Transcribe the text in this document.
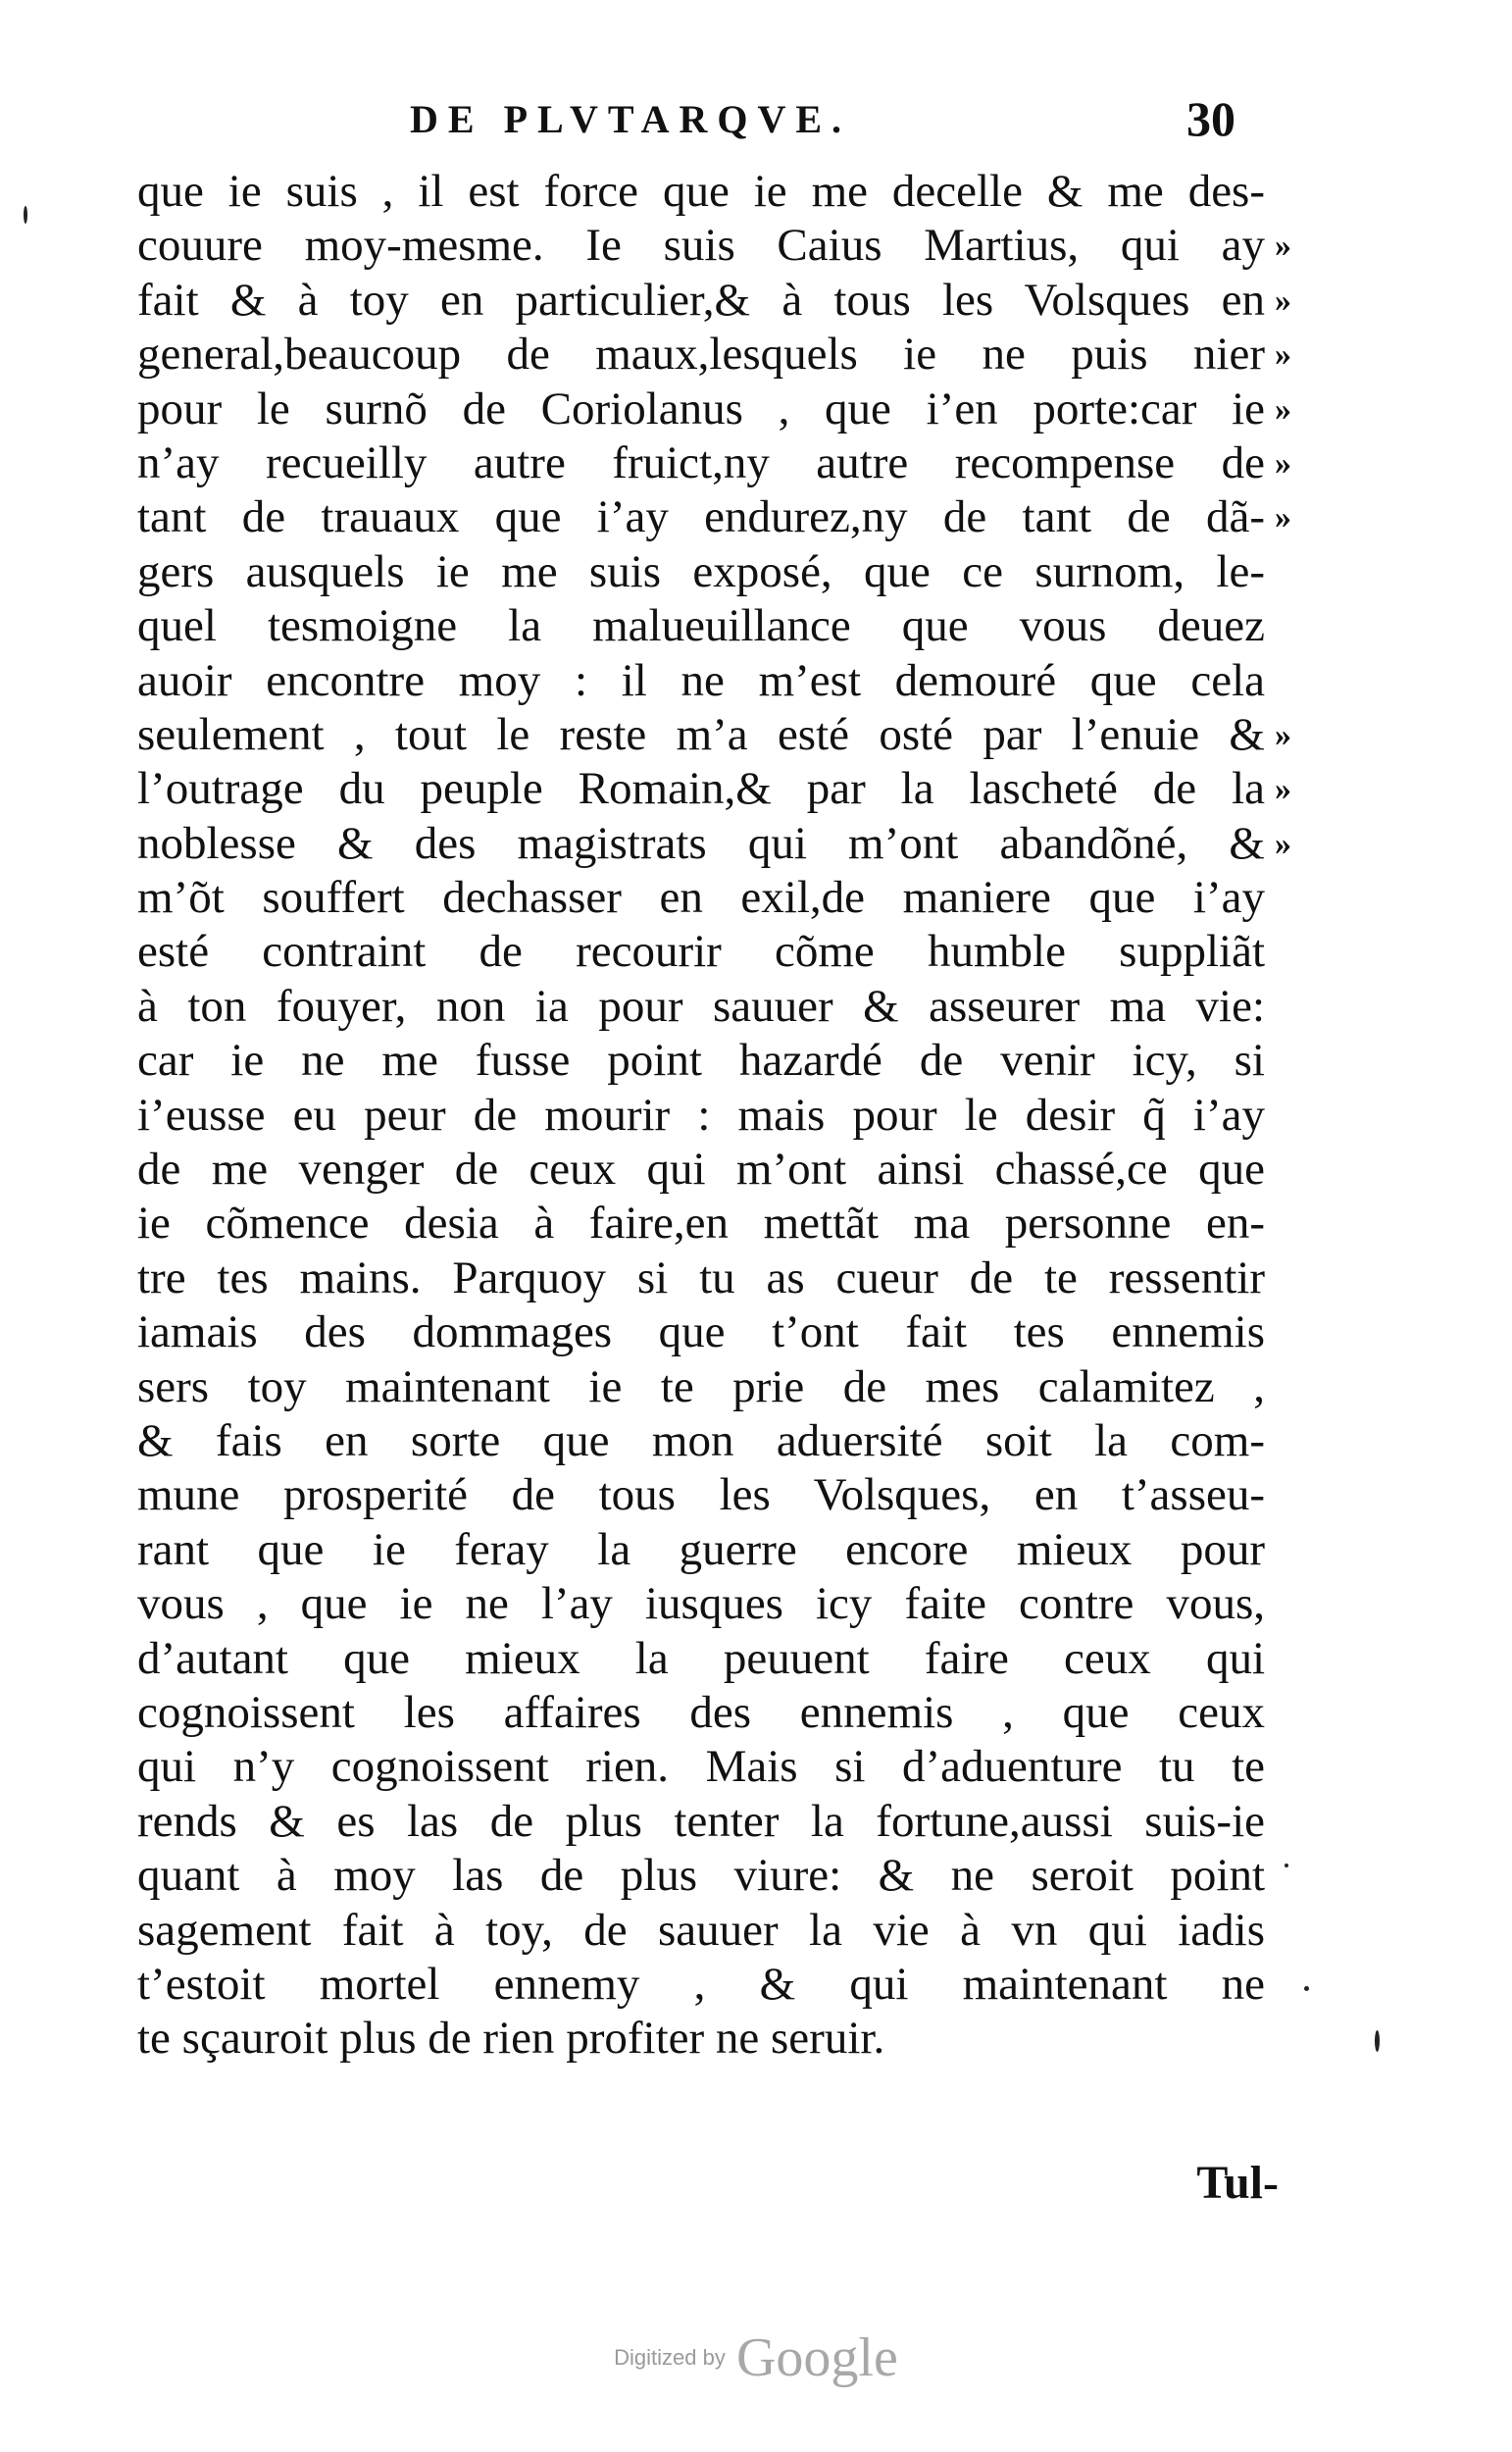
DE PLVTARQVE.	30
que ie suis , il est force que ie me decelle & me des-
couure moy-mesme. Ie suis Caius Martius, qui ay
fait & à toy en particulier,& à tous les Volsques en
general,beaucoup de maux,lesquels ie ne puis nier
pour le surnõ de Coriolanus , que i’en porte:car ie
n’ay recueilly autre fruict,ny autre recompense de
tant de trauaux que i’ay endurez,ny de tant de dã-
gers ausquels ie me suis exposé, que ce surnom, le-
quel tesmoigne la malueuillance que vous deuez
auoir encontre moy : il ne m’est demouré que cela
seulement , tout le reste m’a esté osté par l’enuie &
l’outrage du peuple Romain,& par la lascheté de la
noblesse & des magistrats qui m’ont abandõné, &
m’õt souffert dechasser en exil,de maniere que i’ay
esté contraint de recourir cõme humble suppliãt
à ton fouyer, non ia pour sauuer & asseurer ma vie:
car ie ne me fusse point hazardé de venir icy, si
i’eusse eu peur de mourir : mais pour le desir q̃ i’ay
de me venger de ceux qui m’ont ainsi chassé,ce que
ie cõmence desia à faire,en mettãt ma personne en-
tre tes mains. Parquoy si tu as cueur de te ressentir
iamais des dommages que t’ont fait tes ennemis
sers toy maintenant ie te prie de mes calamitez ,
& fais en sorte que mon aduersité soit la com-
mune prosperité de tous les Volsques, en t’asseu-
rant que ie feray la guerre encore mieux pour
vous , que ie ne l’ay iusques icy faite contre vous,
d’autant que mieux la peuuent faire ceux qui
cognoissent les affaires des ennemis , que ceux
qui n’y cognoissent rien. Mais si d’aduenture tu te
rends & es las de plus tenter la fortune,aussi suis-ie
quant à moy las de plus viure: & ne seroit point
sagement fait à toy, de sauuer la vie à vn qui iadis
t’estoit mortel ennemy , & qui maintenant ne
te sçauroit plus de rien profiter ne seruir.
»
»
»
»
»
»
»
»
»
Tul-
Digitized by Google
